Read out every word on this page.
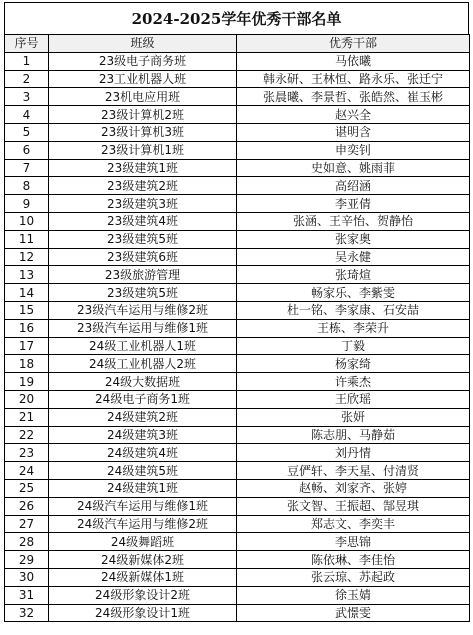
2024-2025学年优秀干部名单
序号	班级	优秀干部
1	23级电子商务班	马依曦
2	23工业机器人班	韩永研、王林恒、路永乐、张迁宁
3	23机电应用班	张晨曦、李景哲、张皓然、崔玉彬
4	23级计算机2班	赵兴全
5	23级计算机3班	谌明含
6	23级计算机1班	申奕钊
7	23级建筑1班	史如意、姚雨菲
8	23级建筑2班	高绍涵
9	23级建筑3班	李亚倩
10	23级建筑4班	张涵、王辛怡、贺静怡
11	23级建筑5班	张家奥
12	23级建筑6班	吴永健
13	23级旅游管理	张琦煊
14	23级建筑5班	畅家乐、李紫雯
15	23级汽车运用与维修2班	杜一铭、李家康、石安喆
16	23级汽车运用与维修1班	王栋、李荣升
17	24级工业机器人1班	丁毅
18	24级工业机器人2班	杨家绮
19	24级大数据班	许乘杰
20	24级电子商务1班	王欣瑶
21	24级建筑2班	张妍
22	24级建筑3班	陈志朋、马静茹
23	24级建筑4班	刘丹情
24	24级建筑5班	豆俨轩、李天星、付清贤
25	24级建筑1班	赵畅、刘家齐、张婷
26	24级汽车运用与维修1班	张文智、王振超、郜昱琪
27	24级汽车运用与维修2班	郑志文、李奕丰
28	24级舞蹈班	李思锦
29	24级新媒体2班	陈依琳、李佳怡
30	24级新媒体1班	张云琼、苏起政
31	24级形象设计2班	徐玉婧
32	24级形象设计1班	武憬雯
